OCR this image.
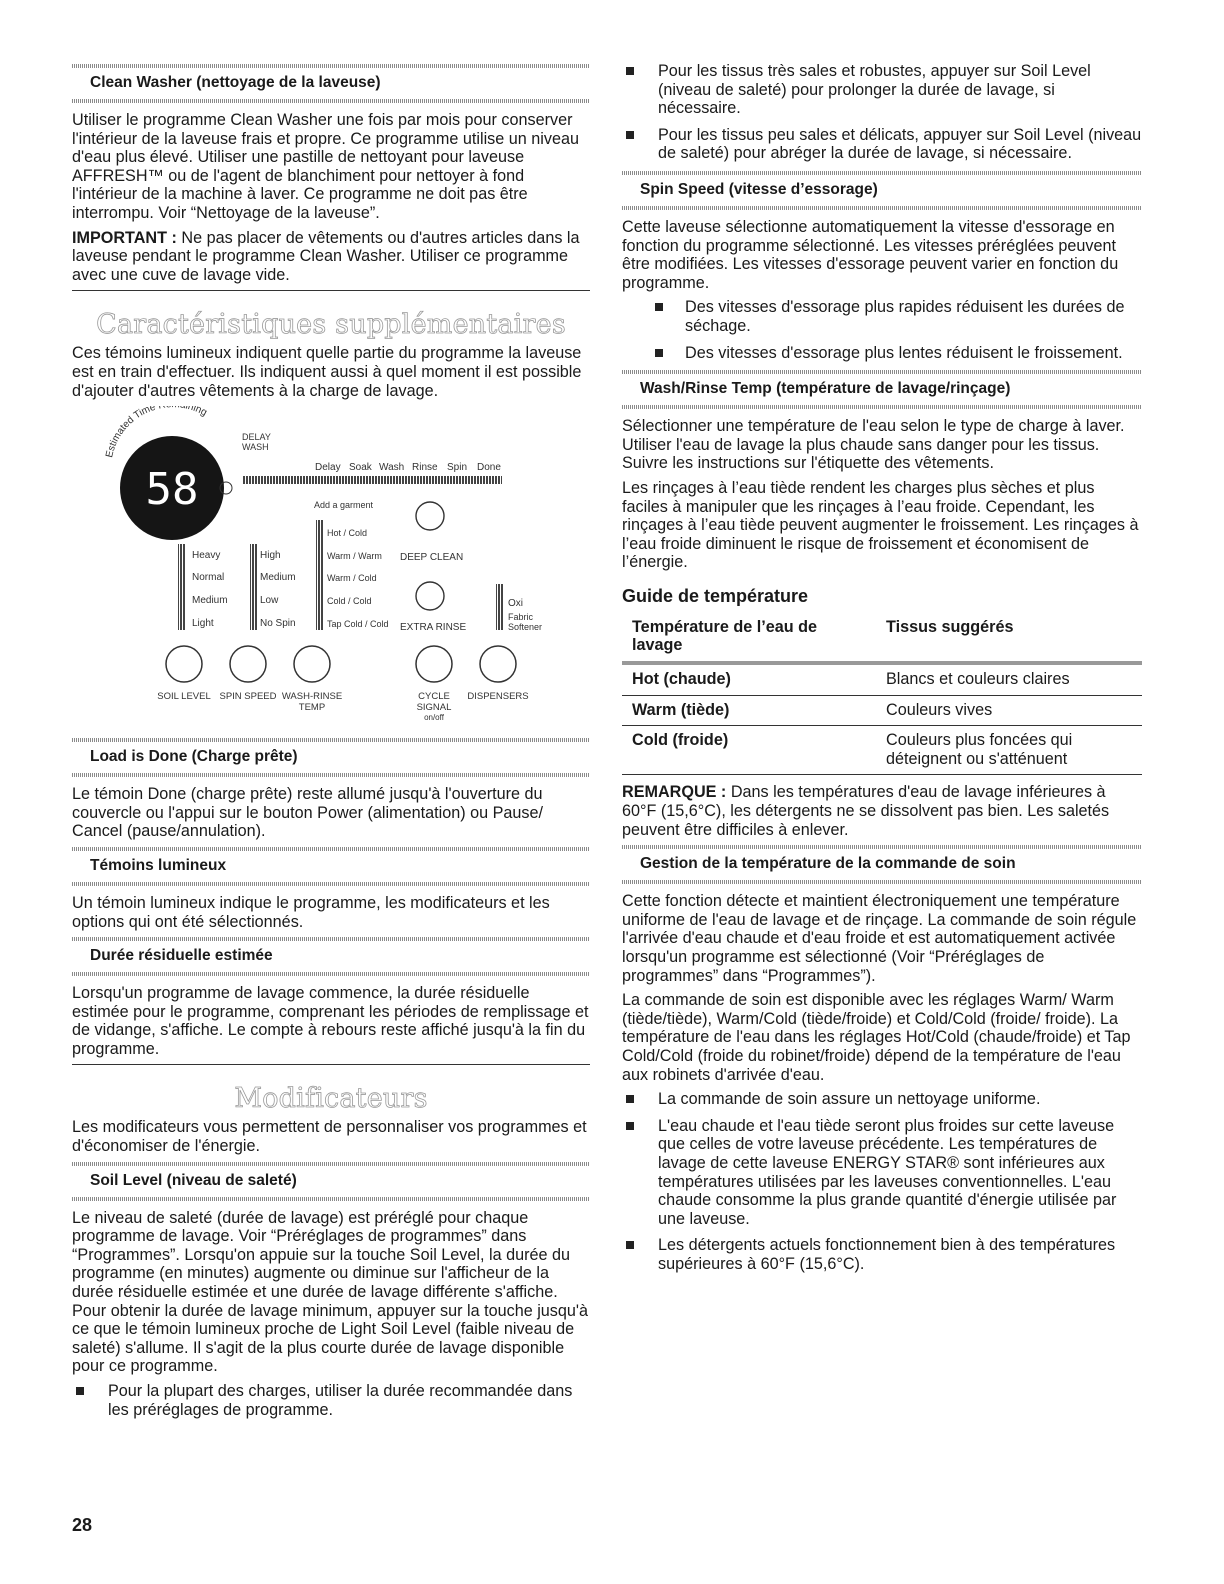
Clean Washer (nettoyage de la laveuse)

Utiliser le programme Clean Washer une fois par mois pour conserver l'intérieur de la laveuse frais et propre. Ce programme utilise un niveau d'eau plus élevé. Utiliser une pastille de nettoyant pour laveuse AFFRESH™ ou de l'agent de blanchiment pour nettoyer à fond l'intérieur de la machine à laver. Ce programme ne doit pas être interrompu. Voir “Nettoyage de la laveuse”.

IMPORTANT : Ne pas placer de vêtements ou d'autres articles dans la laveuse pendant le programme Clean Washer. Utiliser ce programme avec une cuve de lavage vide.

Caractéristiques supplémentaires

Ces témoins lumineux indiquent quelle partie du programme la laveuse est en train d'effectuer. Ils indiquent aussi à quel moment il est possible d'ajouter d'autres vêtements à la charge de lavage.

Estimated Time ining
58
DELAY
WASH
Delay Soak Wash Rinse Spin Done
Add a garment
Heavy
Normal
Medium
Light
High
Medium
Low
No Spin
Hot / Cold
Warm / Warm
Warm / Cold
Cold / Cold
Tap Cold / Cold
DEEP CLEAN
EXTRA RINSE
Oxi
Fabric
Softener
SOIL LEVEL SPIN SPEED WASH-RINSE
TEMP
CYCLE
SIGNAL
on/off
DISPENSERS
Load is Done (Charge prête)

Le témoin Done (charge prête) reste allumé jusqu'à l'ouverture du couvercle ou l'appui sur le bouton Power (alimentation) ou Pause/ Cancel (pause/annulation).

Témoins lumineux

Un témoin lumineux indique le programme, les modificateurs et les options qui ont été sélectionnés.

Durée résiduelle estimée

Lorsqu'un programme de lavage commence, la durée résiduelle estimée pour le programme, comprenant les périodes de remplissage et de vidange, s'affiche. Le compte à rebours reste affiché jusqu'à la fin du programme.

Modificateurs

Les modificateurs vous permettent de personnaliser vos programmes et d'économiser de l'énergie.

Soil Level (niveau de saleté)

Le niveau de saleté (durée de lavage) est préréglé pour chaque programme de lavage. Voir “Préréglages de programmes” dans “Programmes”. Lorsqu'on appuie sur la touche Soil Level, la durée du programme (en minutes) augmente ou diminue sur l'afficheur de la durée résiduelle estimée et une durée de lavage différente s'affiche. Pour obtenir la durée de lavage minimum, appuyer sur la touche jusqu'à ce que le témoin lumineux proche de Light Soil Level (faible niveau de saleté) s'allume. Il s'agit de la plus courte durée de lavage disponible pour ce programme.

Pour la plupart des charges, utiliser la durée recommandée dans les préréglages de programme.
28
Pour les tissus très sales et robustes, appuyer sur Soil Level (niveau de saleté) pour prolonger la durée de lavage, si nécessaire.
Pour les tissus peu sales et délicats, appuyer sur Soil Level (niveau de saleté) pour abréger la durée de lavage, si nécessaire.
Spin Speed (vitesse d’essorage)

Cette laveuse sélectionne automatiquement la vitesse d'essorage en fonction du programme sélectionné. Les vitesses préréglées peuvent être modifiées. Les vitesses d'essorage peuvent varier en fonction du programme.

Des vitesses d'essorage plus rapides réduisent les durées de séchage.
Des vitesses d'essorage plus lentes réduisent le froissement.
Wash/Rinse Temp (température de lavage/rinçage)

Sélectionner une température de l'eau selon le type de charge à laver. Utiliser l'eau de lavage la plus chaude sans danger pour les tissus. Suivre les instructions sur l'étiquette des vêtements.

Les rinçages à l’eau tiède rendent les charges plus sèches et plus faciles à manipuler que les rinçages à l’eau froide. Cependant, les rinçages à l’eau tiède peuvent augmenter le froissement. Les rinçages à l’eau froide diminuent le risque de froissement et économisent de l’énergie.

Guide de température
Température de l’eau de lavage	Tissus suggérés
Hot (chaude)	Blancs et couleurs claires
Warm (tiède)	Couleurs vives
Cold (froide)	Couleurs plus foncées qui déteignent ou s'atténuent

REMARQUE : Dans les températures d'eau de lavage inférieures à 60°F (15,6°C), les détergents ne se dissolvent pas bien. Les saletés peuvent être difficiles à enlever.

Gestion de la température de la commande de soin

Cette fonction détecte et maintient électroniquement une température uniforme de l'eau de lavage et de rinçage. La commande de soin régule l'arrivée d'eau chaude et d'eau froide et est automatiquement activée lorsqu'un programme est sélectionné (Voir “Préréglages de programmes” dans “Programmes”).

La commande de soin est disponible avec les réglages Warm/ Warm (tiède/tiède), Warm/Cold (tiède/froide) et Cold/Cold (froide/ froide). La température de l'eau dans les réglages Hot/Cold (chaude/froide) et Tap Cold/Cold (froide du robinet/froide) dépend de la température de l'eau aux robinets d'arrivée d'eau.

La commande de soin assure un nettoyage uniforme.
L'eau chaude et l'eau tiède seront plus froides sur cette laveuse que celles de votre laveuse précédente. Les températures de lavage de cette laveuse ENERGY STAR® sont inférieures aux températures utilisées par les laveuses conventionnelles. L'eau chaude consomme la plus grande quantité d'énergie utilisée par une laveuse.
Les détergents actuels fonctionnement bien à des températures supérieures à 60°F (15,6°C).
